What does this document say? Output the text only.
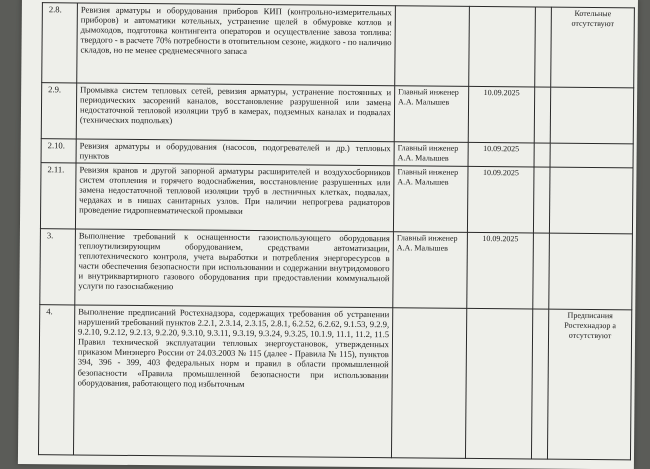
2.8.	Ревизия арматуры и оборудования приборов КИП (контрольно-измерительных приборов) и автоматики котельных, устранение щелей в обмуровке котлов и дымоходов, подготовка контингента операторов и осуществление завоза топлива: твердого - в расчете 70% потребности в отопительном сезоне, жидкого - по наличию складов, но не менее среднемесячного запаса				Котельные отсутствуют
2.9.	Промывка систем тепловых сетей, ревизия арматуры, устранение постоянных и периодических засорений каналов, восстановление разрушенной или замена недостаточной тепловой изоляции труб в камерах, подземных каналах и подвалах (технических подпольях)	Главный инженер А.А. Малышев	10.09.2025		
2.10.	Ревизия арматуры и оборудования (насосов, подогревателей и др.) тепловых пунктов	Главный инженер А.А. Малышев	10.09.2025		
2.11.	Ревизия кранов и другой запорной арматуры расширителей и воздухосборников систем отопления и горячего водоснабжения, восстановление разрушенных или замена недостаточной тепловой изоляции труб в лестничных клетках, подвалах, чердаках и в нишах санитарных узлов. При наличии непрогрева радиаторов проведение гидропневматической промывки	Главный инженер А.А. Малышев	10.09.2025		
3.	Выполнение требований к оснащенности газоиспользующего оборудования теплоутилизирующим оборудованием, средствами автоматизации, теплотехнического контроля, учета выработки и потребления энергоресурсов в части обеспечения безопасности при использовании и содержании внутридомового и внутриквартирного газового оборудования при предоставлении коммунальной услуги по газоснабжению	Главный инженер А.А. Малышев	10.09.2025		
4.	Выполнение предписаний Ростехнадзора, содержащих требования об устранении нарушений требований пунктов 2.2.1, 2.3.14, 2.3.15, 2.8.1, 6.2.52, 6.2.62, 9.1.53, 9.2.9, 9.2.10, 9.2.12, 9.2.13, 9.2.20, 9.3.10, 9.3.11, 9.3.19, 9.3.24, 9.3.25, 10.1.9, 11.1, 11.2, 11.5 Правил технической эксплуатации тепловых энергоустановок, утвержденных приказом Минэнерго России от 24.03.2003 № 115 (далее - Правила № 115), пунктов 394, 396 - 399, 403 федеральных норм и правил в области промышленной безопасности «Правила промышленной безопасности при использовании оборудования, работающего под избыточным				Предписания Ростехнадзор а отсутствуют
